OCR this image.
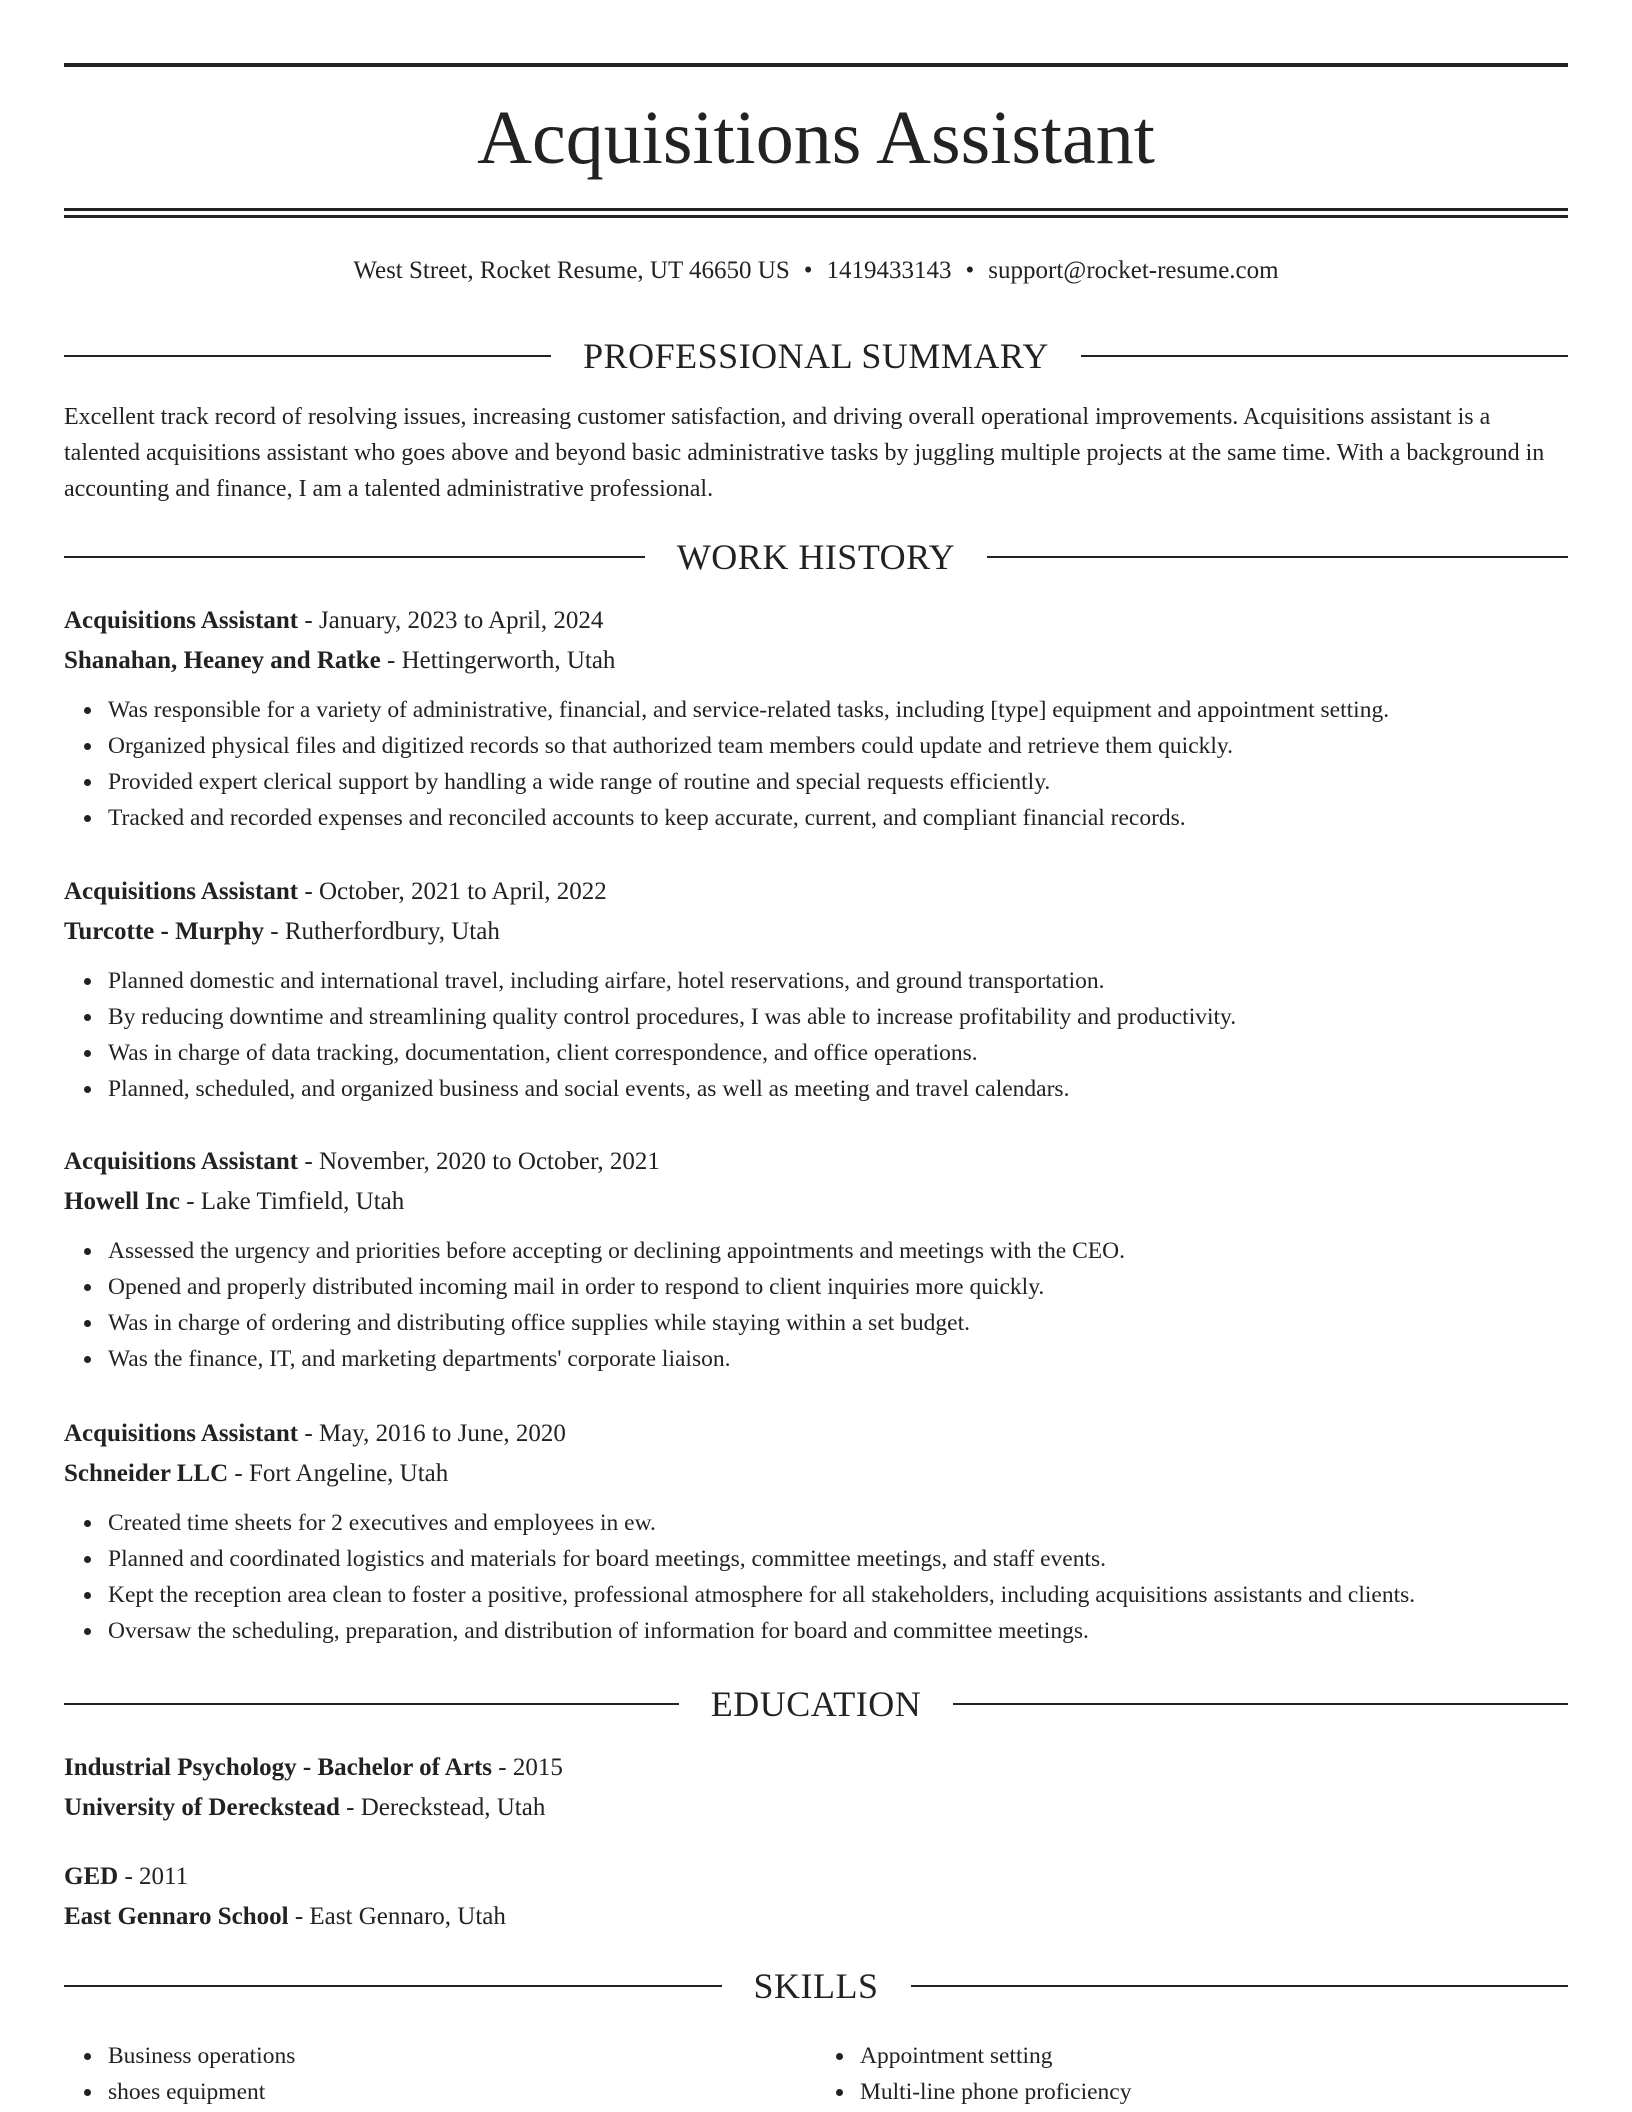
Acquisitions Assistant
West Street, Rocket Resume, UT 46650 US • 1419433143 • support@rocket-resume.com
PROFESSIONAL SUMMARY
Excellent track record of resolving issues, increasing customer satisfaction, and driving overall operational improvements. Acquisitions assistant is a talented acquisitions assistant who goes above and beyond basic administrative tasks by juggling multiple projects at the same time. With a background in accounting and finance, I am a talented administrative professional.
WORK HISTORY
Acquisitions Assistant - January, 2023 to April, 2024
Shanahan, Heaney and Ratke - Hettingerworth, Utah
Was responsible for a variety of administrative, financial, and service-related tasks, including [type] equipment and appointment setting.
Organized physical files and digitized records so that authorized team members could update and retrieve them quickly.
Provided expert clerical support by handling a wide range of routine and special requests efficiently.
Tracked and recorded expenses and reconciled accounts to keep accurate, current, and compliant financial records.
Acquisitions Assistant - October, 2021 to April, 2022
Turcotte - Murphy - Rutherfordbury, Utah
Planned domestic and international travel, including airfare, hotel reservations, and ground transportation.
By reducing downtime and streamlining quality control procedures, I was able to increase profitability and productivity.
Was in charge of data tracking, documentation, client correspondence, and office operations.
Planned, scheduled, and organized business and social events, as well as meeting and travel calendars.
Acquisitions Assistant - November, 2020 to October, 2021
Howell Inc - Lake Timfield, Utah
Assessed the urgency and priorities before accepting or declining appointments and meetings with the CEO.
Opened and properly distributed incoming mail in order to respond to client inquiries more quickly.
Was in charge of ordering and distributing office supplies while staying within a set budget.
Was the finance, IT, and marketing departments' corporate liaison.
Acquisitions Assistant - May, 2016 to June, 2020
Schneider LLC - Fort Angeline, Utah
Created time sheets for 2 executives and employees in ew.
Planned and coordinated logistics and materials for board meetings, committee meetings, and staff events.
Kept the reception area clean to foster a positive, professional atmosphere for all stakeholders, including acquisitions assistants and clients.
Oversaw the scheduling, preparation, and distribution of information for board and committee meetings.
EDUCATION
Industrial Psychology - Bachelor of Arts - 2015
University of Dereckstead - Dereckstead, Utah
GED - 2011
East Gennaro School - East Gennaro, Utah
SKILLS
Business operations
shoes equipment
Appointment setting
Multi-line phone proficiency
